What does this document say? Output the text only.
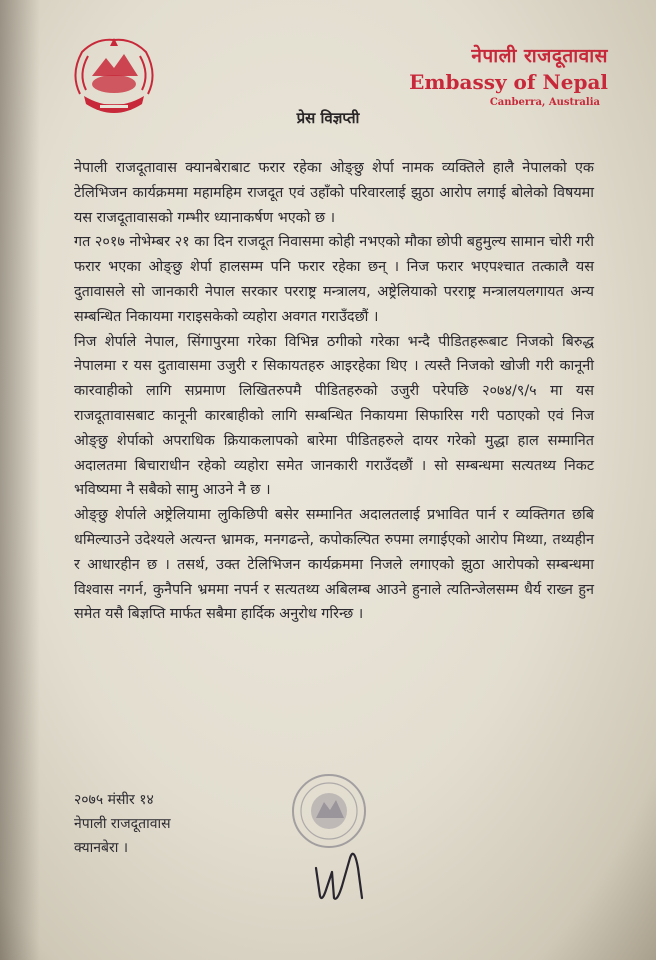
नेपाली राजदूतावास
Embassy of Nepal
Canberra, Australia
प्रेस विज्ञप्ती

नेपाली राजदूतावास क्यानबेराबाट फरार रहेका ओङ्छु शेर्पा नामक व्यक्तिले हालै नेपालको एक टेलिभिजन कार्यक्रममा महामहिम राजदूत एवं उहाँको परिवारलाई झुठा आरोप लगाई बोलेको विषयमा यस राजदूतावासको गम्भीर ध्यानाकर्षण भएको छ ।

गत २०१७ नोभेम्बर २१ का दिन राजदूत निवासमा कोही नभएको मौका छोपी बहुमुल्य सामान चोरी गरी फरार भएका ओङ्छु शेर्पा हालसम्म पनि फरार रहेका छन् । निज फरार भएपश्चात तत्कालै यस दुतावासले सो जानकारी नेपाल सरकार परराष्ट्र मन्त्रालय, अष्ट्रेलियाको परराष्ट्र मन्त्रालयलगायत अन्य सम्बन्धित निकायमा गराइसकेको व्यहोरा अवगत गराउँदछौं ।

निज शेर्पाले नेपाल, सिंगापुरमा गरेका विभिन्न ठगीको गरेका भन्दै पीडितहरूबाट निजको बिरुद्ध नेपालमा र यस दुतावासमा उजुरी र सिकायतहरु आइरहेका थिए । त्यस्तै निजको खोजी गरी कानूनी कारवाहीको लागि सप्रमाण लिखितरुपमै पीडितहरुको उजुरी परेपछि २०७४/९/५ मा यस राजदूतावासबाट कानूनी कारबाहीको लागि सम्बन्धित निकायमा सिफारिस गरी पठाएको एवं निज ओङ्छु शेर्पाको अपराधिक क्रियाकलापको बारेमा पीडितहरुले दायर गरेको मुद्धा हाल सम्मानित अदालतमा बिचाराधीन रहेको व्यहोरा समेत जानकारी गराउँदछौं । सो सम्बन्धमा सत्यतथ्य निकट भविष्यमा नै सबैको सामु आउने नै छ ।

ओङ्छु शेर्पाले अष्ट्रेलियामा लुकिछिपी बसेर सम्मानित अदालतलाई प्रभावित पार्न र व्यक्तिगत छबि धमिल्याउने उदेश्यले अत्यन्त भ्रामक, मनगढन्ते, कपोकल्पित रुपमा लगाईएको आरोप मिथ्या, तथ्यहीन र आधारहीन छ । तसर्थ, उक्त टेलिभिजन कार्यक्रममा निजले लगाएको झुठा आरोपको सम्बन्धमा विश्वास नगर्न, कुनैपनि भ्रममा नपर्न र सत्यतथ्य अबिलम्ब आउने हुनाले त्यतिन्जेलसम्म धैर्य राख्न हुन समेत यसै बिज्ञप्ति मार्फत सबैमा हार्दिक अनुरोध गरिन्छ ।

२०७५ मंसीर १४
नेपाली राजदूतावास
क्यानबेरा ।
